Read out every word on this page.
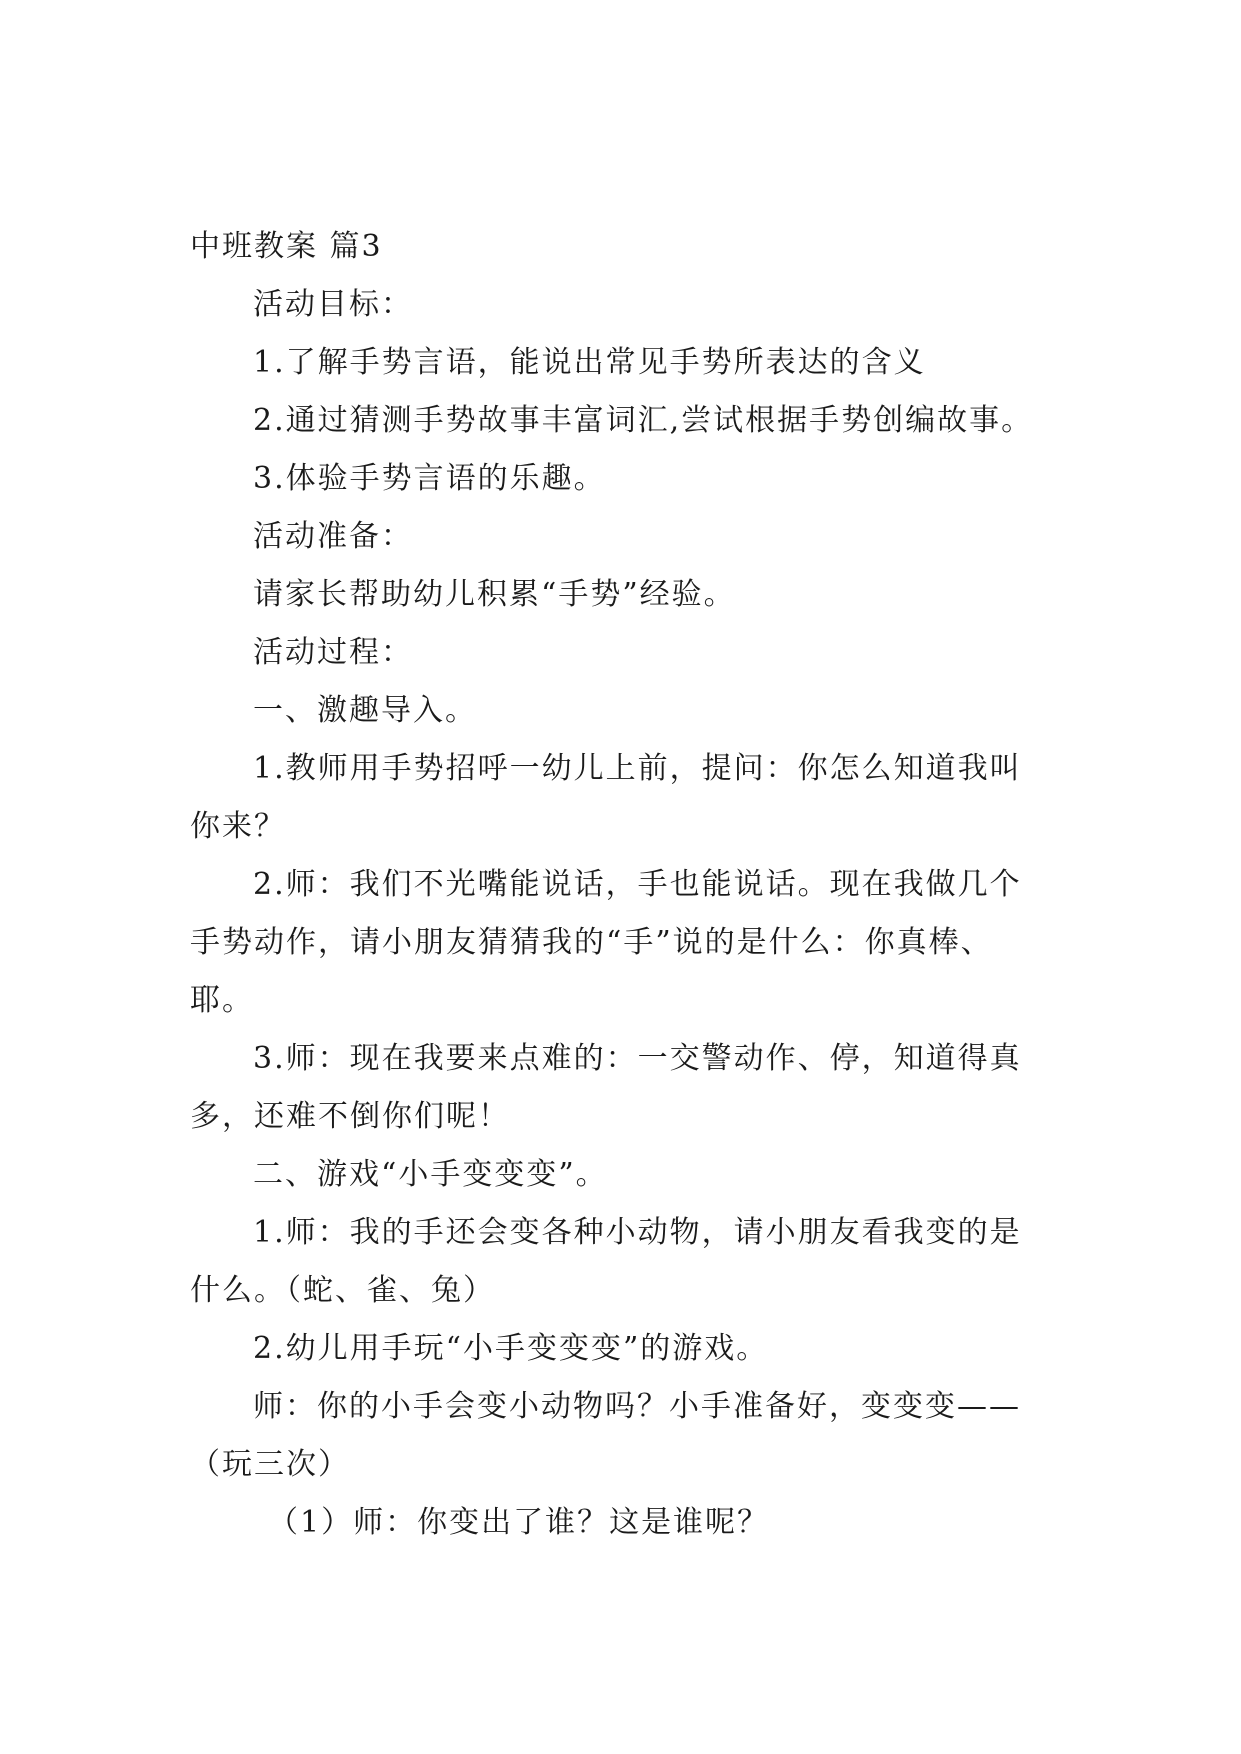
中班教案 篇3
活动目标：
1.了解手势言语，能说出常见手势所表达的含义
2.通过猜测手势故事丰富词汇,尝试根据手势创编故事。
3.体验手势言语的乐趣。
活动准备：
请家长帮助幼儿积累“手势”经验。
活动过程：
一、激趣导入。
1.教师用手势招呼一幼儿上前，提问：你怎么知道我叫
你来？
2.师：我们不光嘴能说话，手也能说话。现在我做几个
手势动作，请小朋友猜猜我的“手”说的是什么：你真棒、
耶。
3.师：现在我要来点难的：一交警动作、停，知道得真
多，还难不倒你们呢！
二、游戏“小手变变变”。
1.师：我的手还会变各种小动物，请小朋友看我变的是
什么。（蛇、雀、兔）
2.幼儿用手玩“小手变变变”的游戏。
师：你的小手会变小动物吗？小手准备好，变变变——
（玩三次）
（1）师：你变出了谁？这是谁呢？
